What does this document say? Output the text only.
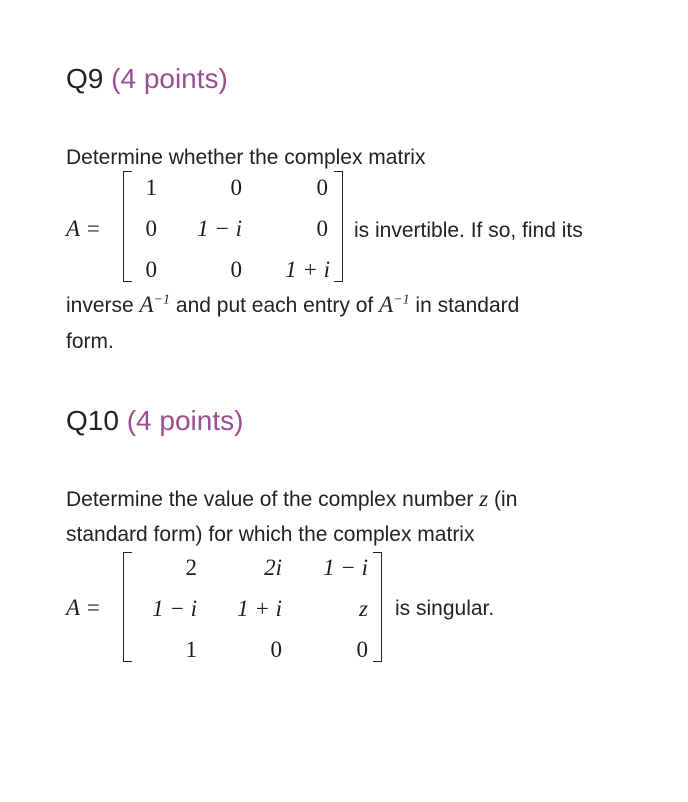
Q9 (4 points)
Determine whether the complex matrix
A =
1	0	0
0	1 − i	0
0	0	1 + i
is invertible. If so, find its
inverse $A^{-1}$ and put each entry of $A^{-1}$ in standard
form.
Q10 (4 points)
Determine the value of the complex number z (in
standard form) for which the complex matrix
A =
2	2i	1 − i
1 − i	1 + i	z
1	0	0
is singular.
